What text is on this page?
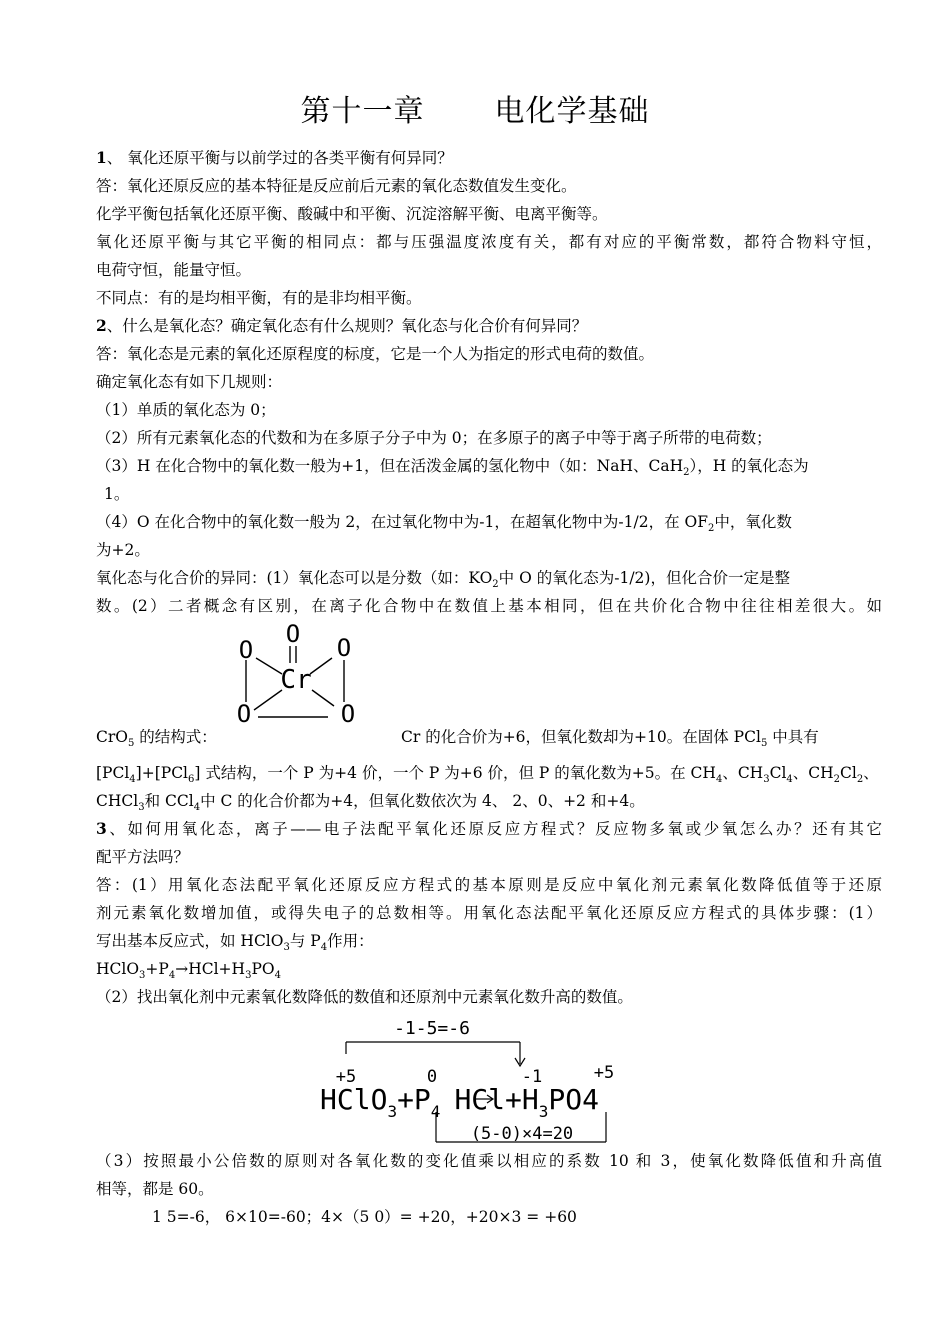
第十一章 电化学基础
1、 氧化还原平衡与以前学过的各类平衡有何异同？
答：氧化还原反应的基本特征是反应前后元素的氧化态数值发生变化。
化学平衡包括氧化还原平衡、酸碱中和平衡、沉淀溶解平衡、电离平衡等。
氧化还原平衡与其它平衡的相同点：都与压强温度浓度有关，都有对应的平衡常数，都符合物料守恒，
电荷守恒，能量守恒。
不同点：有的是均相平衡，有的是非均相平衡。
2、什么是氧化态？确定氧化态有什么规则？氧化态与化合价有何异同？
答：氧化态是元素的氧化还原程度的标度，它是一个人为指定的形式电荷的数值。
确定氧化态有如下几规则：
（1）单质的氧化态为 0；
（2）所有元素氧化态的代数和为在多原子分子中为 0；在多原子的离子中等于离子所带的电荷数；
（3）H 在化合物中的氧化数一般为+1，但在活泼金属的氢化物中（如：NaH、CaH$_2$），H 的氧化态为
1。
（4）O 在化合物中的氧化数一般为 2，在过氧化物中为-1，在超氧化物中为-1/2，在 $OF_2$中，氧化数
为+2。
氧化态与化合价的异同：(1）氧化态可以是分数（如：$KO_2$中 O 的氧化态为-1/2)，但化合价一定是整
数。(2）二者概念有区别，在离子化合物中在数值上基本相同，但在共价化合物中往往相差很大。如
O
O	O
Cr
O	O
CrO$_5$ 的结构式：	Cr 的化合价为+6，但氧化数却为+10。在固体 PCl$_5$ 中具有
[PCl$_4$]+[PCl$_6$] 式结构，一个 P 为+4 价，一个 P 为+6 价，但 P 的氧化数为+5。在 $CH_4$、$CH_3Cl_4$、$CH_2Cl_2$、
CHCl$_3$和 CCl$_4$中 C 的化合价都为+4，但氧化数依次为 4、 2、0、+2 和+4。
3、如何用氧化态，离子——电子法配平氧化还原反应方程式？反应物多氧或少氧怎么办？还有其它
配平方法吗？
答：(1）用氧化态法配平氧化还原反应方程式的基本原则是反应中氧化剂元素氧化数降低值等于还原
剂元素氧化数增加值，或得失电子的总数相等。用氧化态法配平氧化还原反应方程式的具体步骤：(1）
写出基本反应式，如 HClO$_3$与 $P_4$作用：
$HClO_3+P_4\to HCl+H_3PO_4$
（2）找出氧化剂中元素氧化数降低的数值和还原剂中元素氧化数升高的数值。
-1-5=-6
+5	0	-1	+5
$HClO_3+P_4$ $HCl+H_3PO4$
(5-0)×4=20
（3）按照最小公倍数的原则对各氧化数的变化值乘以相应的系数 10 和 3，使氧化数降低值和升高值
相等，都是 60。
1 5=-6， 6×10=-60；4×（5 0）= +20，+20×3 = +60
